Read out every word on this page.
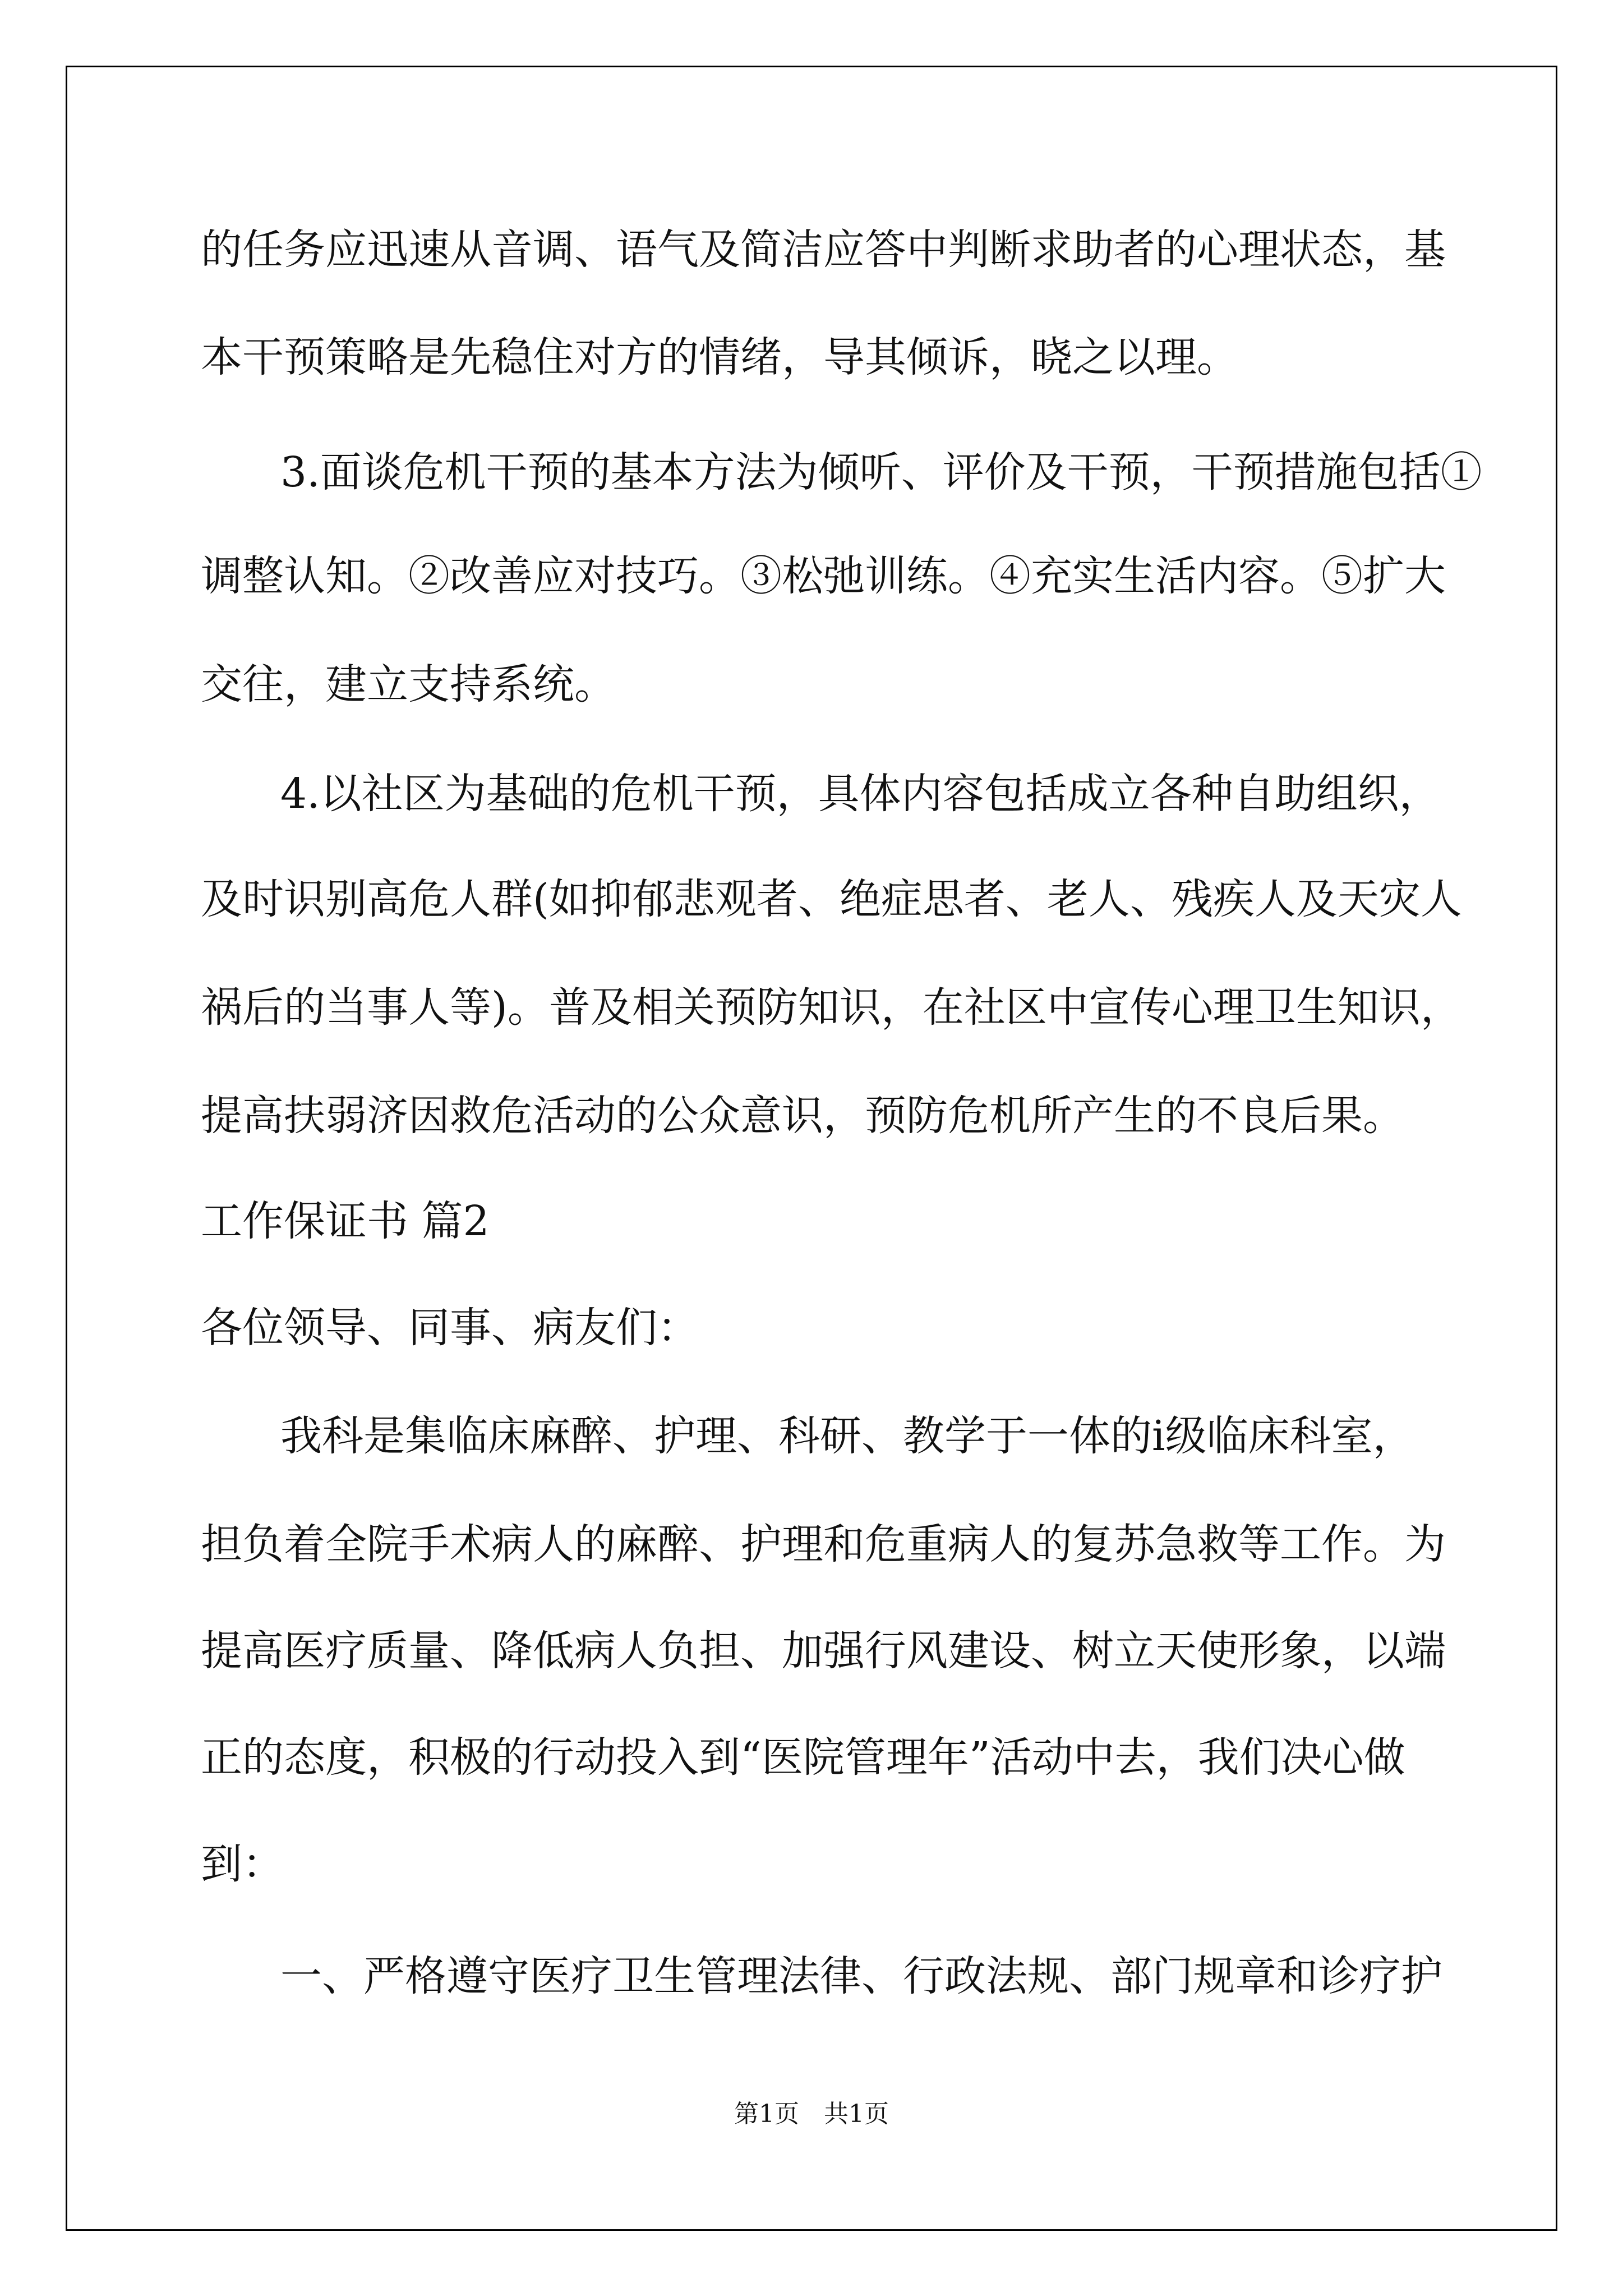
的任务应迅速从音调、语气及简洁应答中判断求助者的心理状态，基

本干预策略是先稳住对方的情绪，导其倾诉，晓之以理。

3.面谈危机干预的基本方法为倾听、评价及干预，干预措施包括①

调整认知。②改善应对技巧。③松弛训练。④充实生活内容。⑤扩大

交往，建立支持系统。

4.以社区为基础的危机干预，具体内容包括成立各种自助组织，

及时识别高危人群(如抑郁悲观者、绝症思者、老人、残疾人及天灾人

祸后的当事人等)。普及相关预防知识，在社区中宣传心理卫生知识，

提高扶弱济因救危活动的公众意识，预防危机所产生的不良后果。

工作保证书 篇2

各位领导、同事、病友们：

我科是集临床麻醉、护理、科研、教学于一体的ⅰ级临床科室，

担负着全院手术病人的麻醉、护理和危重病人的复苏急救等工作。为

提高医疗质量、降低病人负担、加强行风建设、树立天使形象，以端

正的态度，积极的行动投入到“医院管理年”活动中去，我们决心做

到：

一、严格遵守医疗卫生管理法律、行政法规、部门规章和诊疗护

第1页　共1页
